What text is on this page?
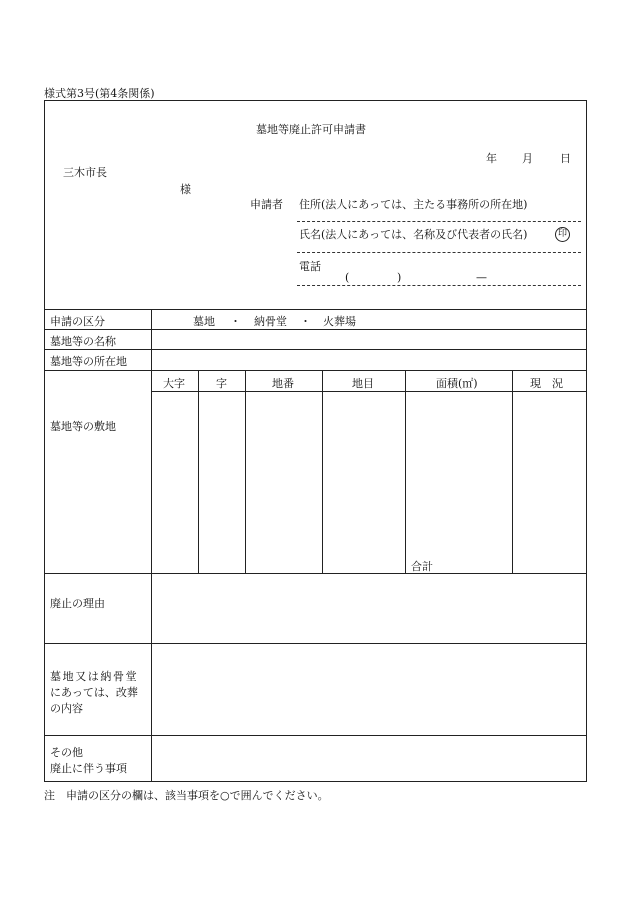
様式第3号(第4条関係)
墓地等廃止許可申請書
年 月 日
三木市長
様
申請者 住所(法人にあっては、主たる事務所の所在地)
氏名(法人にあっては、名称及び代表者の氏名)	印
電話
(	)	—
申請の区分	墓地 ・ 納骨堂 ・ 火葬場
墓地等の名称
墓地等の所在地
墓地等の敷地
大字	字	地番	地目	面積(㎡)	現　況
合計
廃止の理由
墓地又は納骨堂
にあっては、改葬
の内容
その他
廃止に伴う事項
注　申請の区分の欄は、該当事項を○で囲んでください。
